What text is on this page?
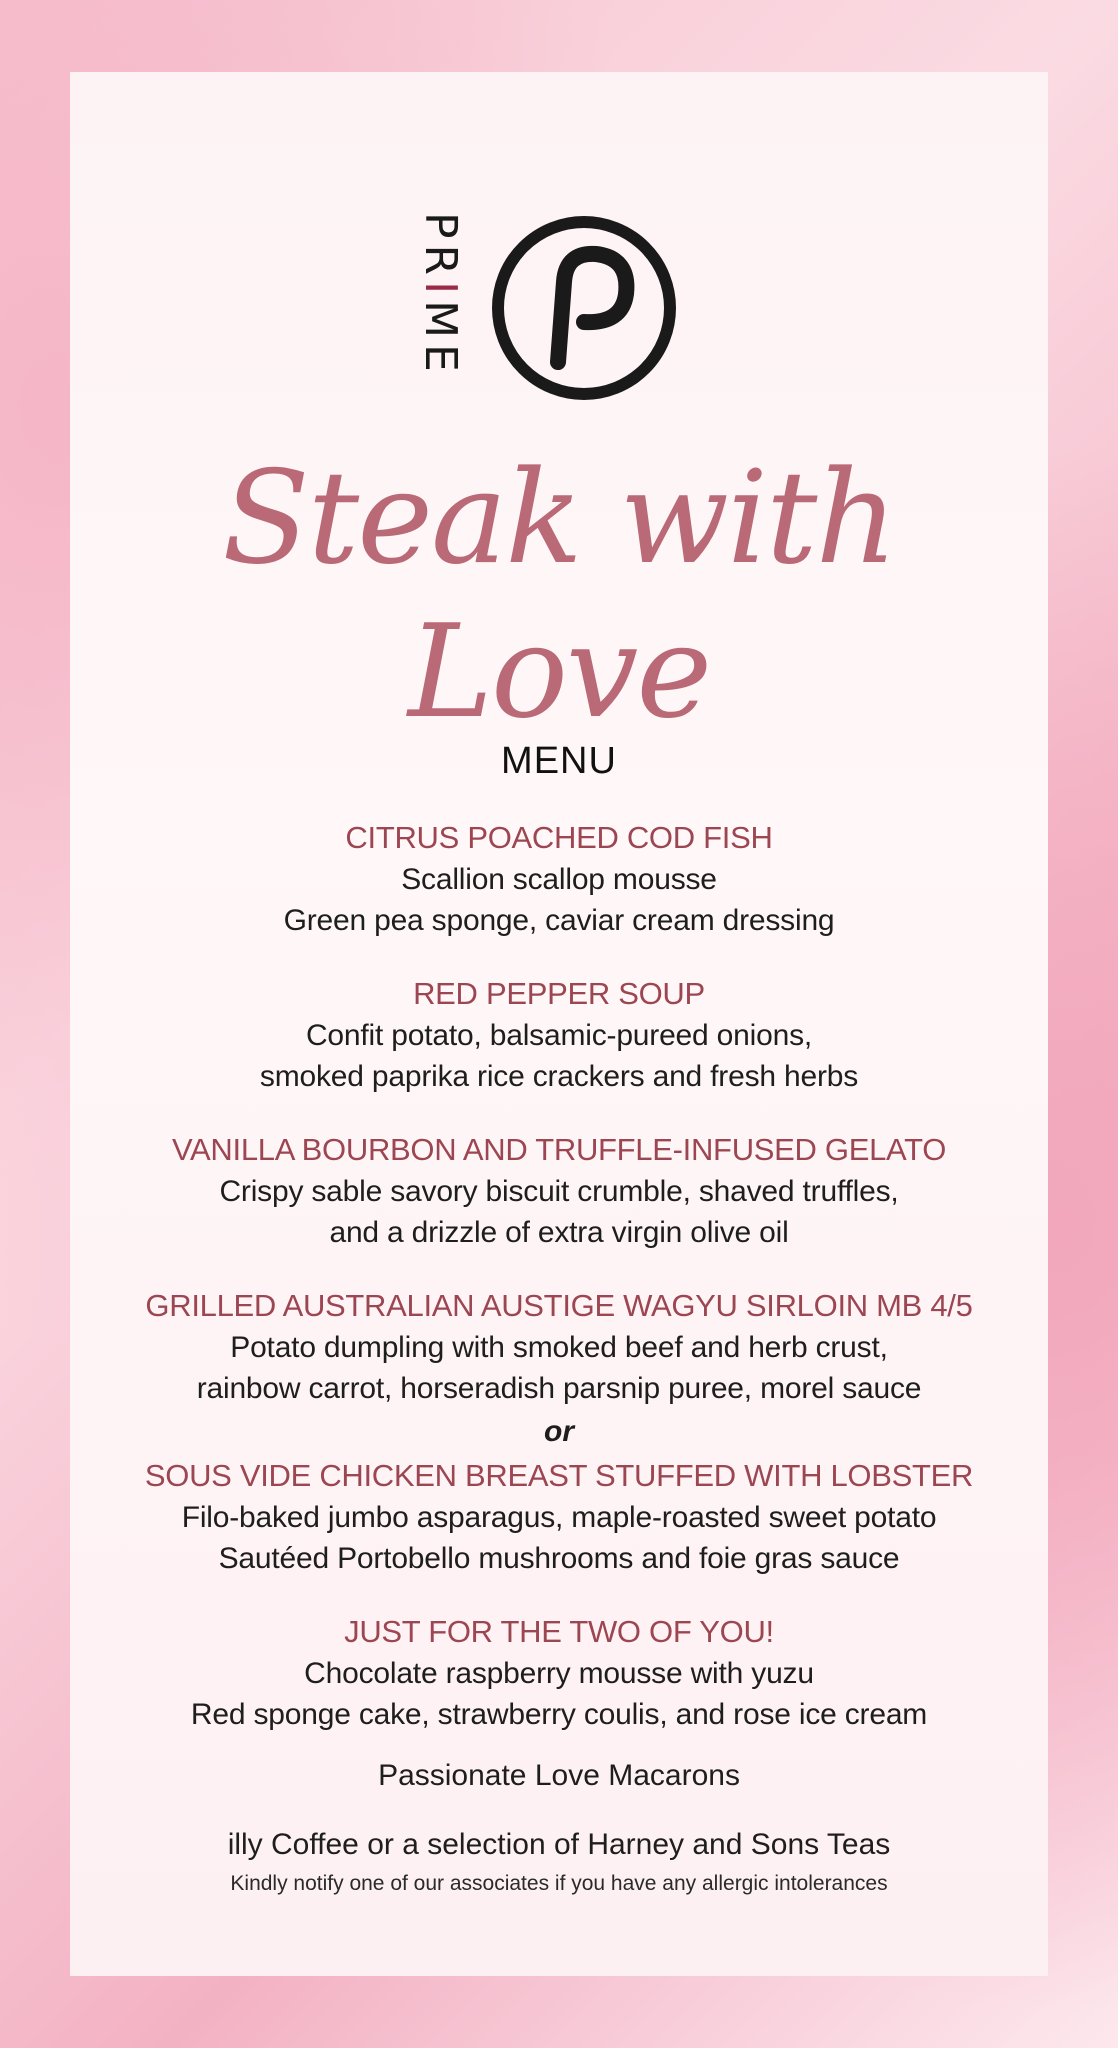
PRIME
Steak with Love
MENU
CITRUS POACHED COD FISH
Scallion scallop mousse
Green pea sponge, caviar cream dressing
RED PEPPER SOUP
Confit potato, balsamic-pureed onions,
smoked paprika rice crackers and fresh herbs
VANILLA BOURBON AND TRUFFLE-INFUSED GELATO
Crispy sable savory biscuit crumble, shaved truffles,
and a drizzle of extra virgin olive oil
GRILLED AUSTRALIAN AUSTIGE WAGYU SIRLOIN MB 4/5
Potato dumpling with smoked beef and herb crust,
rainbow carrot, horseradish parsnip puree, morel sauce
or
SOUS VIDE CHICKEN BREAST STUFFED WITH LOBSTER
Filo-baked jumbo asparagus, maple-roasted sweet potato
Sautéed Portobello mushrooms and foie gras sauce
JUST FOR THE TWO OF YOU!
Chocolate raspberry mousse with yuzu
Red sponge cake, strawberry coulis, and rose ice cream
Passionate Love Macarons
illy Coffee or a selection of Harney and Sons Teas
Kindly notify one of our associates if you have any allergic intolerances
